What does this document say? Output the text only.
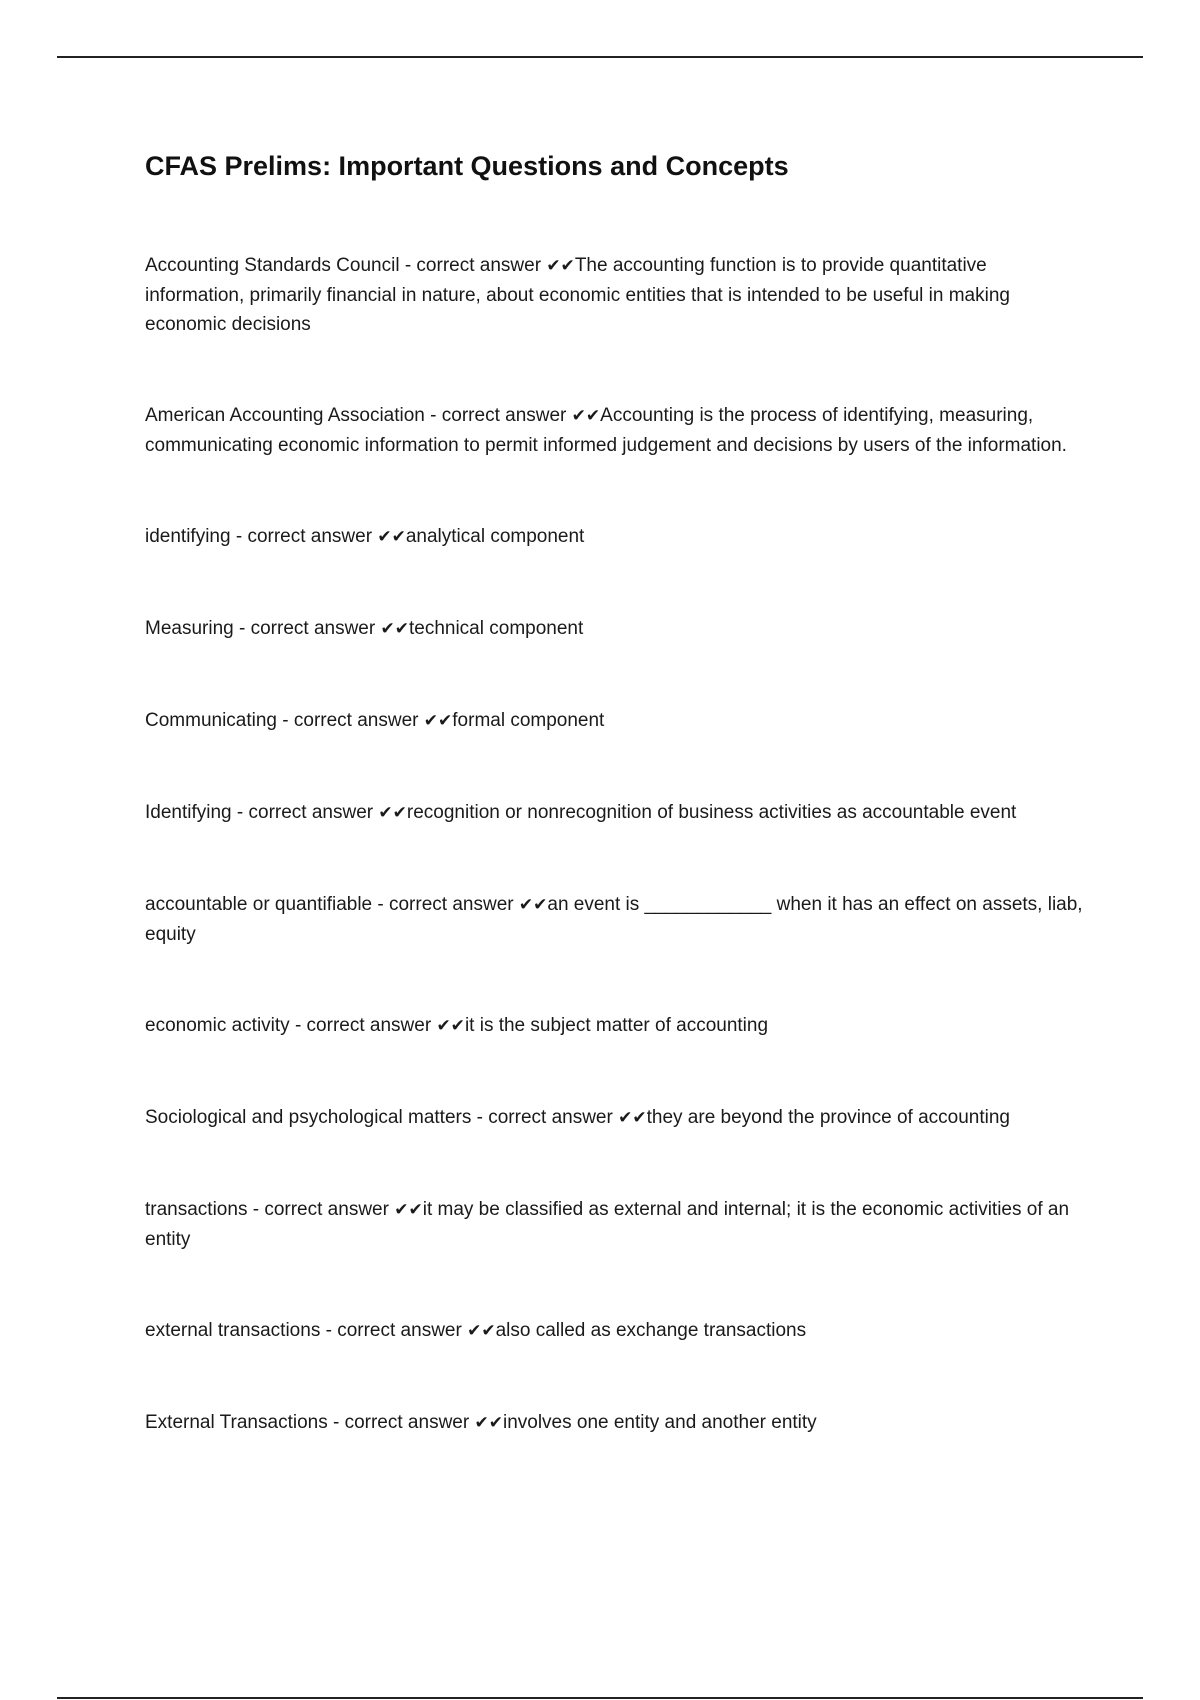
CFAS Prelims: Important Questions and Concepts
Accounting Standards Council - correct answer ✔✔The accounting function is to provide quantitative information, primarily financial in nature, about economic entities that is intended to be useful in making economic decisions
American Accounting Association - correct answer ✔✔Accounting is the process of identifying, measuring, communicating economic information to permit informed judgement and decisions by users of the information.
identifying - correct answer ✔✔analytical component
Measuring - correct answer ✔✔technical component
Communicating - correct answer ✔✔formal component
Identifying - correct answer ✔✔recognition or nonrecognition of business activities as accountable event
accountable or quantifiable - correct answer ✔✔an event is ____________ when it has an effect on assets, liab, equity
economic activity - correct answer ✔✔it is the subject matter of accounting
Sociological and psychological matters - correct answer ✔✔they are beyond the province of accounting
transactions - correct answer ✔✔it may be classified as external and internal; it is the economic activities of an entity
external transactions - correct answer ✔✔also called as exchange transactions
External Transactions - correct answer ✔✔involves one entity and another entity
